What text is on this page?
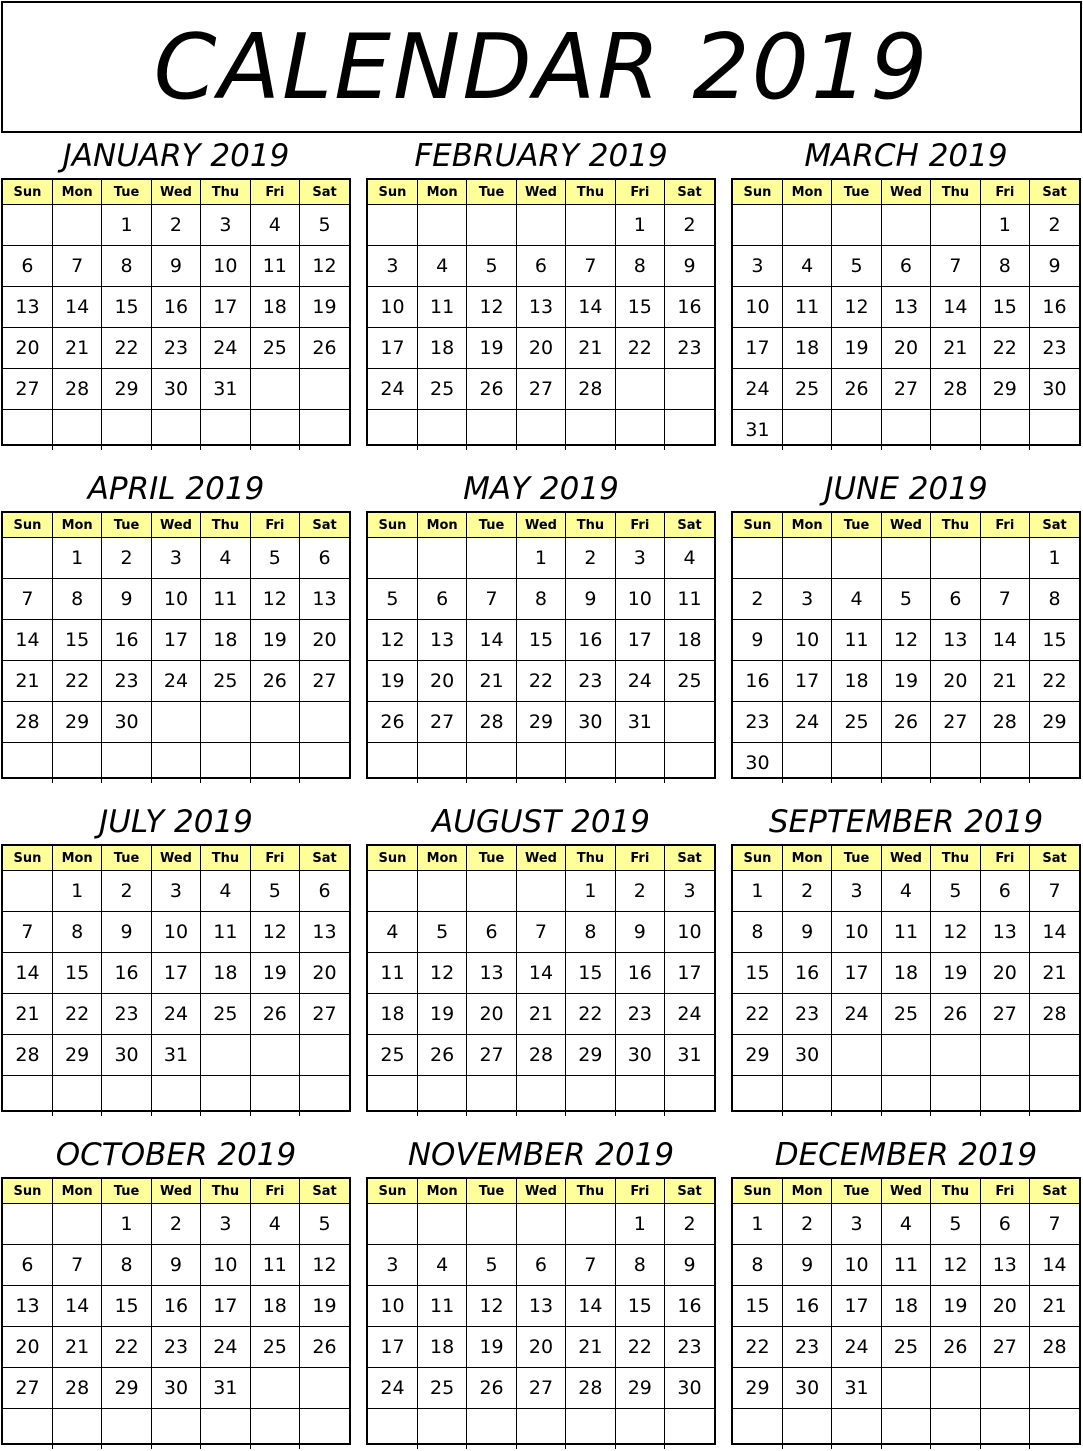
CALENDAR 2019
JANUARY 2019
Sun	Mon	Tue	Wed	Thu	Fri	Sat
		1	2	3	4	5
6	7	8	9	10	11	12
13	14	15	16	17	18	19
20	21	22	23	24	25	26
27	28	29	30	31		

FEBRUARY 2019
Sun	Mon	Tue	Wed	Thu	Fri	Sat
					1	2
3	4	5	6	7	8	9
10	11	12	13	14	15	16
17	18	19	20	21	22	23
24	25	26	27	28		

MARCH 2019
Sun	Mon	Tue	Wed	Thu	Fri	Sat
					1	2
3	4	5	6	7	8	9
10	11	12	13	14	15	16
17	18	19	20	21	22	23
24	25	26	27	28	29	30
31						
APRIL 2019
Sun	Mon	Tue	Wed	Thu	Fri	Sat
	1	2	3	4	5	6
7	8	9	10	11	12	13
14	15	16	17	18	19	20
21	22	23	24	25	26	27
28	29	30				

MAY 2019
Sun	Mon	Tue	Wed	Thu	Fri	Sat
			1	2	3	4
5	6	7	8	9	10	11
12	13	14	15	16	17	18
19	20	21	22	23	24	25
26	27	28	29	30	31	

JUNE 2019
Sun	Mon	Tue	Wed	Thu	Fri	Sat
						1
2	3	4	5	6	7	8
9	10	11	12	13	14	15
16	17	18	19	20	21	22
23	24	25	26	27	28	29
30						
JULY 2019
Sun	Mon	Tue	Wed	Thu	Fri	Sat
	1	2	3	4	5	6
7	8	9	10	11	12	13
14	15	16	17	18	19	20
21	22	23	24	25	26	27
28	29	30	31			

AUGUST 2019
Sun	Mon	Tue	Wed	Thu	Fri	Sat
				1	2	3
4	5	6	7	8	9	10
11	12	13	14	15	16	17
18	19	20	21	22	23	24
25	26	27	28	29	30	31

SEPTEMBER 2019
Sun	Mon	Tue	Wed	Thu	Fri	Sat
1	2	3	4	5	6	7
8	9	10	11	12	13	14
15	16	17	18	19	20	21
22	23	24	25	26	27	28
29	30					

OCTOBER 2019
Sun	Mon	Tue	Wed	Thu	Fri	Sat
		1	2	3	4	5
6	7	8	9	10	11	12
13	14	15	16	17	18	19
20	21	22	23	24	25	26
27	28	29	30	31		

NOVEMBER 2019
Sun	Mon	Tue	Wed	Thu	Fri	Sat
					1	2
3	4	5	6	7	8	9
10	11	12	13	14	15	16
17	18	19	20	21	22	23
24	25	26	27	28	29	30

DECEMBER 2019
Sun	Mon	Tue	Wed	Thu	Fri	Sat
1	2	3	4	5	6	7
8	9	10	11	12	13	14
15	16	17	18	19	20	21
22	23	24	25	26	27	28
29	30	31				
